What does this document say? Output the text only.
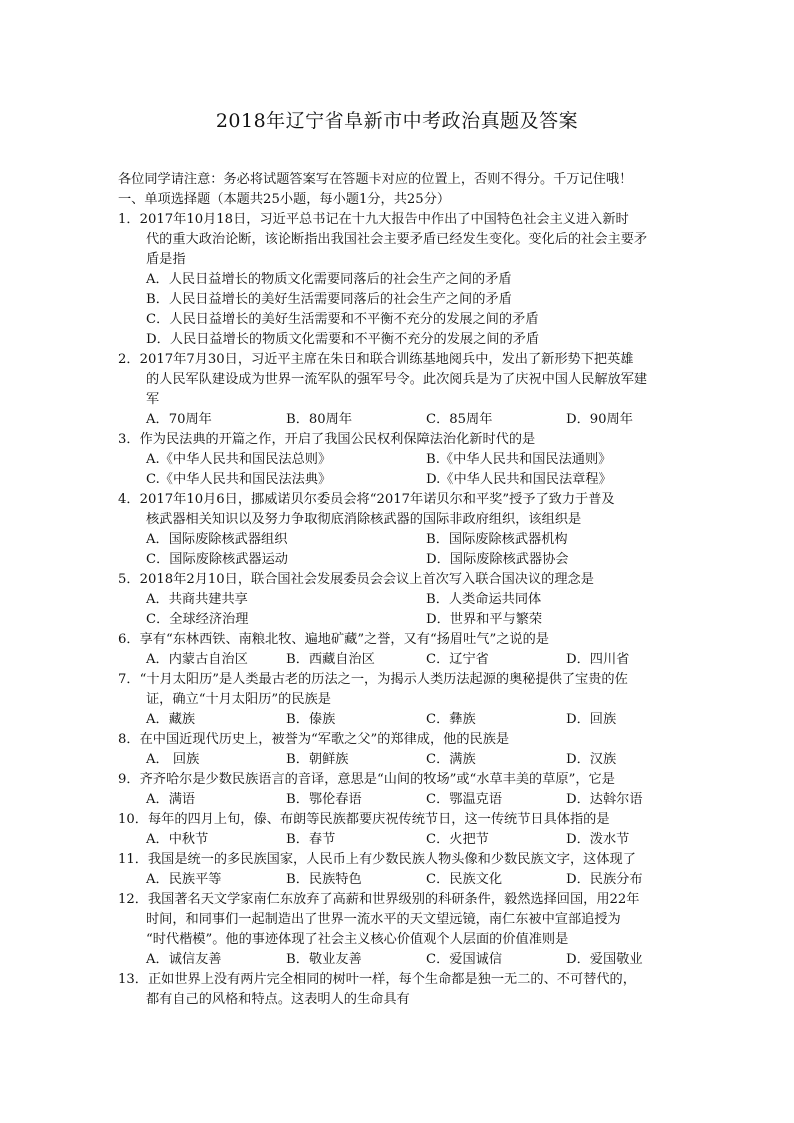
2018年辽宁省阜新市中考政治真题及答案
各位同学请注意：务必将试题答案写在答题卡对应的位置上，否则不得分。千万记住哦！
一、单项选择题（本题共25小题，每小题1分，共25分）
1． 2017年10月18日，习近平总书记在十九大报告中作出了中国特色社会主义进入新时
代的重大政治论断，该论断指出我国社会主要矛盾已经发生变化。变化后的社会主要矛
盾是指
A．人民日益增长的物质文化需要同落后的社会生产之间的矛盾
B．人民日益增长的美好生活需要同落后的社会生产之间的矛盾
C．人民日益增长的美好生活需要和不平衡不充分的发展之间的矛盾
D．人民日益增长的物质文化需要和不平衡不充分的发展之间的矛盾
2． 2017年7月30日，习近平主席在朱日和联合训练基地阅兵中，发出了新形势下把英雄
的人民军队建设成为世界一流军队的强军号令。此次阅兵是为了庆祝中国人民解放军建
军
A．70周年	B．80周年	C．85周年	D．90周年
3． 作为民法典的开篇之作，开启了我国公民权利保障法治化新时代的是
A.《中华人民共和国民法总则》	B.《中华人民共和国民法通则》
C.《中华人民共和国民法法典》	D.《中华人民共和国民法章程》
4． 2017年10月6日，挪威诺贝尔委员会将“2017年诺贝尔和平奖”授予了致力于普及
核武器相关知识以及努力争取彻底消除核武器的国际非政府组织，该组织是
A．国际废除核武器组织	B．国际废除核武器机构
C．国际废除核武器运动	D．国际废除核武器协会
5． 2018年2月10日，联合国社会发展委员会会议上首次写入联合国决议的理念是
A．共商共建共享	B．人类命运共同体
C．全球经济治理	D．世界和平与繁荣
6． 享有“东林西铁、南粮北牧、遍地矿藏”之誉，又有“扬眉吐气”之说的是
A．内蒙古自治区	B．西藏自治区	C．辽宁省	D．四川省
7． “十月太阳历”是人类最古老的历法之一，为揭示人类历法起源的奥秘提供了宝贵的佐
证，确立“十月太阳历”的民族是
A．藏族	B．傣族	C．彝族	D．回族
8． 在中国近现代历史上，被誉为“军歌之父”的郑律成，他的民族是
A． 回族	B．朝鲜族	C．满族	D．汉族
9． 齐齐哈尔是少数民族语言的音译，意思是“山间的牧场”或“水草丰美的草原”，它是
A．满语	B．鄂伦春语	C．鄂温克语	D．达斡尔语
10． 每年的四月上旬，傣、布朗等民族都要庆祝传统节日，这一传统节日具体指的是
A．中秋节	B．春节	C．火把节	D．泼水节
11． 我国是统一的多民族国家，人民币上有少数民族人物头像和少数民族文字，这体现了
A．民族平等	B．民族特色	C．民族文化	D．民族分布
12． 我国著名天文学家南仁东放弃了高薪和世界级别的科研条件，毅然选择回国，用22年
时间，和同事们一起制造出了世界一流水平的天文望远镜，南仁东被中宣部追授为
“时代楷模”。他的事迹体现了社会主义核心价值观个人层面的价值准则是
A．诚信友善	B．敬业友善	C．爱国诚信	D．爱国敬业
13． 正如世界上没有两片完全相同的树叶一样，每个生命都是独一无二的、不可替代的，
都有自己的风格和特点。这表明人的生命具有
